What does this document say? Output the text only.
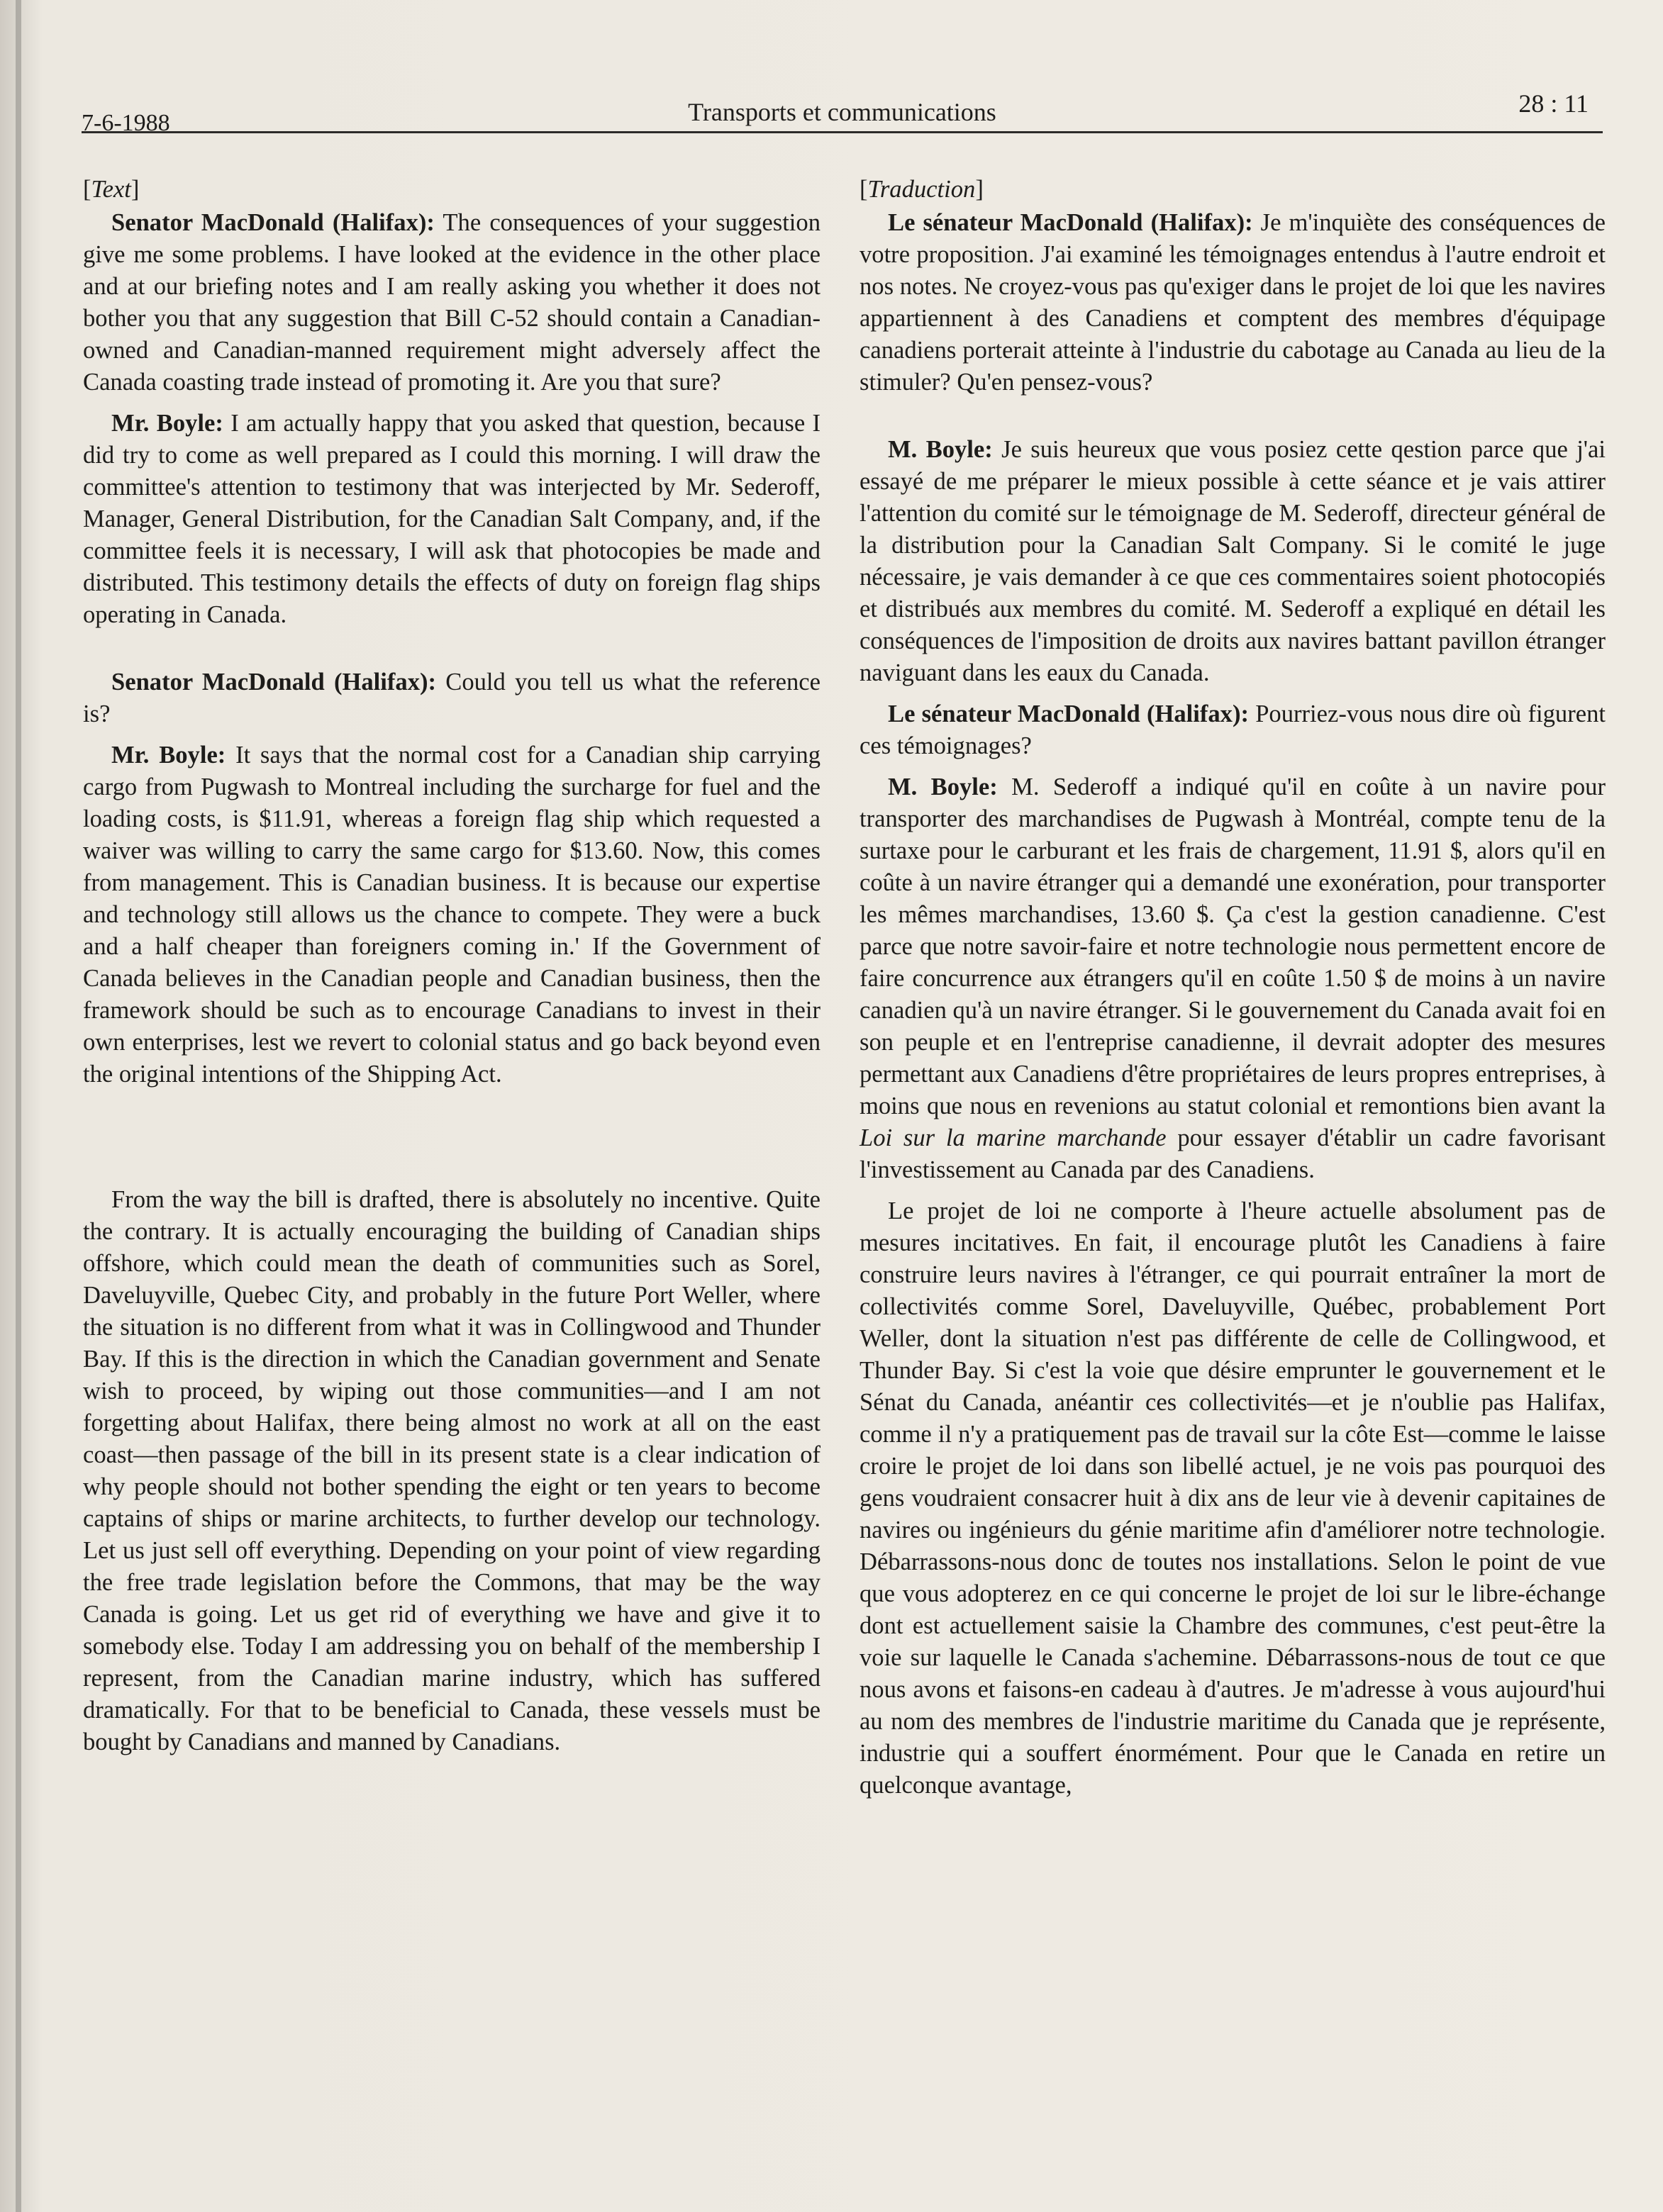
7-6-1988	Transports et communications	28 : 11
[Text]

Senator MacDonald (Halifax): The consequences of your suggestion give me some problems. I have looked at the evidence in the other place and at our briefing notes and I am really asking you whether it does not bother you that any suggestion that Bill C-52 should contain a Canadian-owned and Canadian-manned requirement might adversely affect the Canada coasting trade instead of promoting it. Are you that sure?

Mr. Boyle: I am actually happy that you asked that question, because I did try to come as well prepared as I could this morning. I will draw the committee's attention to testimony that was interjected by Mr. Sederoff, Manager, General Distribution, for the Canadian Salt Company, and, if the committee feels it is necessary, I will ask that photocopies be made and distributed. This testimony details the effects of duty on foreign flag ships operating in Canada.

Senator MacDonald (Halifax): Could you tell us what the reference is?

Mr. Boyle: It says that the normal cost for a Canadian ship carrying cargo from Pugwash to Montreal including the surcharge for fuel and the loading costs, is $11.91, whereas a foreign flag ship which requested a waiver was willing to carry the same cargo for $13.60. Now, this comes from management. This is Canadian business. It is because our expertise and technology still allows us the chance to compete. They were a buck and a half cheaper than foreigners coming in.' If the Government of Canada believes in the Canadian people and Canadian business, then the framework should be such as to encourage Canadians to invest in their own enterprises, lest we revert to colonial status and go back beyond even the original intentions of the Shipping Act.

From the way the bill is drafted, there is absolutely no incentive. Quite the contrary. It is actually encouraging the building of Canadian ships offshore, which could mean the death of communities such as Sorel, Daveluyville, Quebec City, and probably in the future Port Weller, where the situation is no different from what it was in Collingwood and Thunder Bay. If this is the direction in which the Canadian government and Senate wish to proceed, by wiping out those communities—and I am not forgetting about Halifax, there being almost no work at all on the east coast—then passage of the bill in its present state is a clear indication of why people should not bother spending the eight or ten years to become captains of ships or marine architects, to further develop our technology. Let us just sell off everything. Depending on your point of view regarding the free trade legislation before the Commons, that may be the way Canada is going. Let us get rid of everything we have and give it to somebody else. Today I am addressing you on behalf of the membership I represent, from the Canadian marine industry, which has suffered dramatically. For that to be beneficial to Canada, these vessels must be bought by Canadians and manned by Canadians.

[Traduction]

Le sénateur MacDonald (Halifax): Je m'inquiète des conséquences de votre proposition. J'ai examiné les témoignages entendus à l'autre endroit et nos notes. Ne croyez-vous pas qu'exiger dans le projet de loi que les navires appartiennent à des Canadiens et comptent des membres d'équipage canadiens porterait atteinte à l'industrie du cabotage au Canada au lieu de la stimuler? Qu'en pensez-vous?

M. Boyle: Je suis heureux que vous posiez cette qestion parce que j'ai essayé de me préparer le mieux possible à cette séance et je vais attirer l'attention du comité sur le témoignage de M. Sederoff, directeur général de la distribution pour la Canadian Salt Company. Si le comité le juge nécessaire, je vais demander à ce que ces commentaires soient photocopiés et distribués aux membres du comité. M. Sederoff a expliqué en détail les conséquences de l'imposition de droits aux navires battant pavillon étranger naviguant dans les eaux du Canada.

Le sénateur MacDonald (Halifax): Pourriez-vous nous dire où figurent ces témoignages?

M. Boyle: M. Sederoff a indiqué qu'il en coûte à un navire pour transporter des marchandises de Pugwash à Montréal, compte tenu de la surtaxe pour le carburant et les frais de chargement, 11.91 $, alors qu'il en coûte à un navire étranger qui a demandé une exonération, pour transporter les mêmes marchandises, 13.60 $. Ça c'est la gestion canadienne. C'est parce que notre savoir-faire et notre technologie nous permettent encore de faire concurrence aux étrangers qu'il en coûte 1.50 $ de moins à un navire canadien qu'à un navire étranger. Si le gouvernement du Canada avait foi en son peuple et en l'entreprise canadienne, il devrait adopter des mesures permettant aux Canadiens d'être propriétaires de leurs propres entreprises, à moins que nous en revenions au statut colonial et remontions bien avant la Loi sur la marine marchande pour essayer d'établir un cadre favorisant l'investissement au Canada par des Canadiens.

Le projet de loi ne comporte à l'heure actuelle absolument pas de mesures incitatives. En fait, il encourage plutôt les Canadiens à faire construire leurs navires à l'étranger, ce qui pourrait entraîner la mort de collectivités comme Sorel, Daveluyville, Québec, probablement Port Weller, dont la situation n'est pas différente de celle de Collingwood, et Thunder Bay. Si c'est la voie que désire emprunter le gouvernement et le Sénat du Canada, anéantir ces collectivités—et je n'oublie pas Halifax, comme il n'y a pratiquement pas de travail sur la côte Est—comme le laisse croire le projet de loi dans son libellé actuel, je ne vois pas pourquoi des gens voudraient consacrer huit à dix ans de leur vie à devenir capitaines de navires ou ingénieurs du génie maritime afin d'améliorer notre technologie. Débarrassons-nous donc de toutes nos installations. Selon le point de vue que vous adopterez en ce qui concerne le projet de loi sur le libre-échange dont est actuellement saisie la Chambre des communes, c'est peut-être la voie sur laquelle le Canada s'achemine. Débarrassons-nous de tout ce que nous avons et faisons-en cadeau à d'autres. Je m'adresse à vous aujourd'hui au nom des membres de l'industrie maritime du Canada que je représente, industrie qui a souffert énormément. Pour que le Canada en retire un quelconque avantage,
